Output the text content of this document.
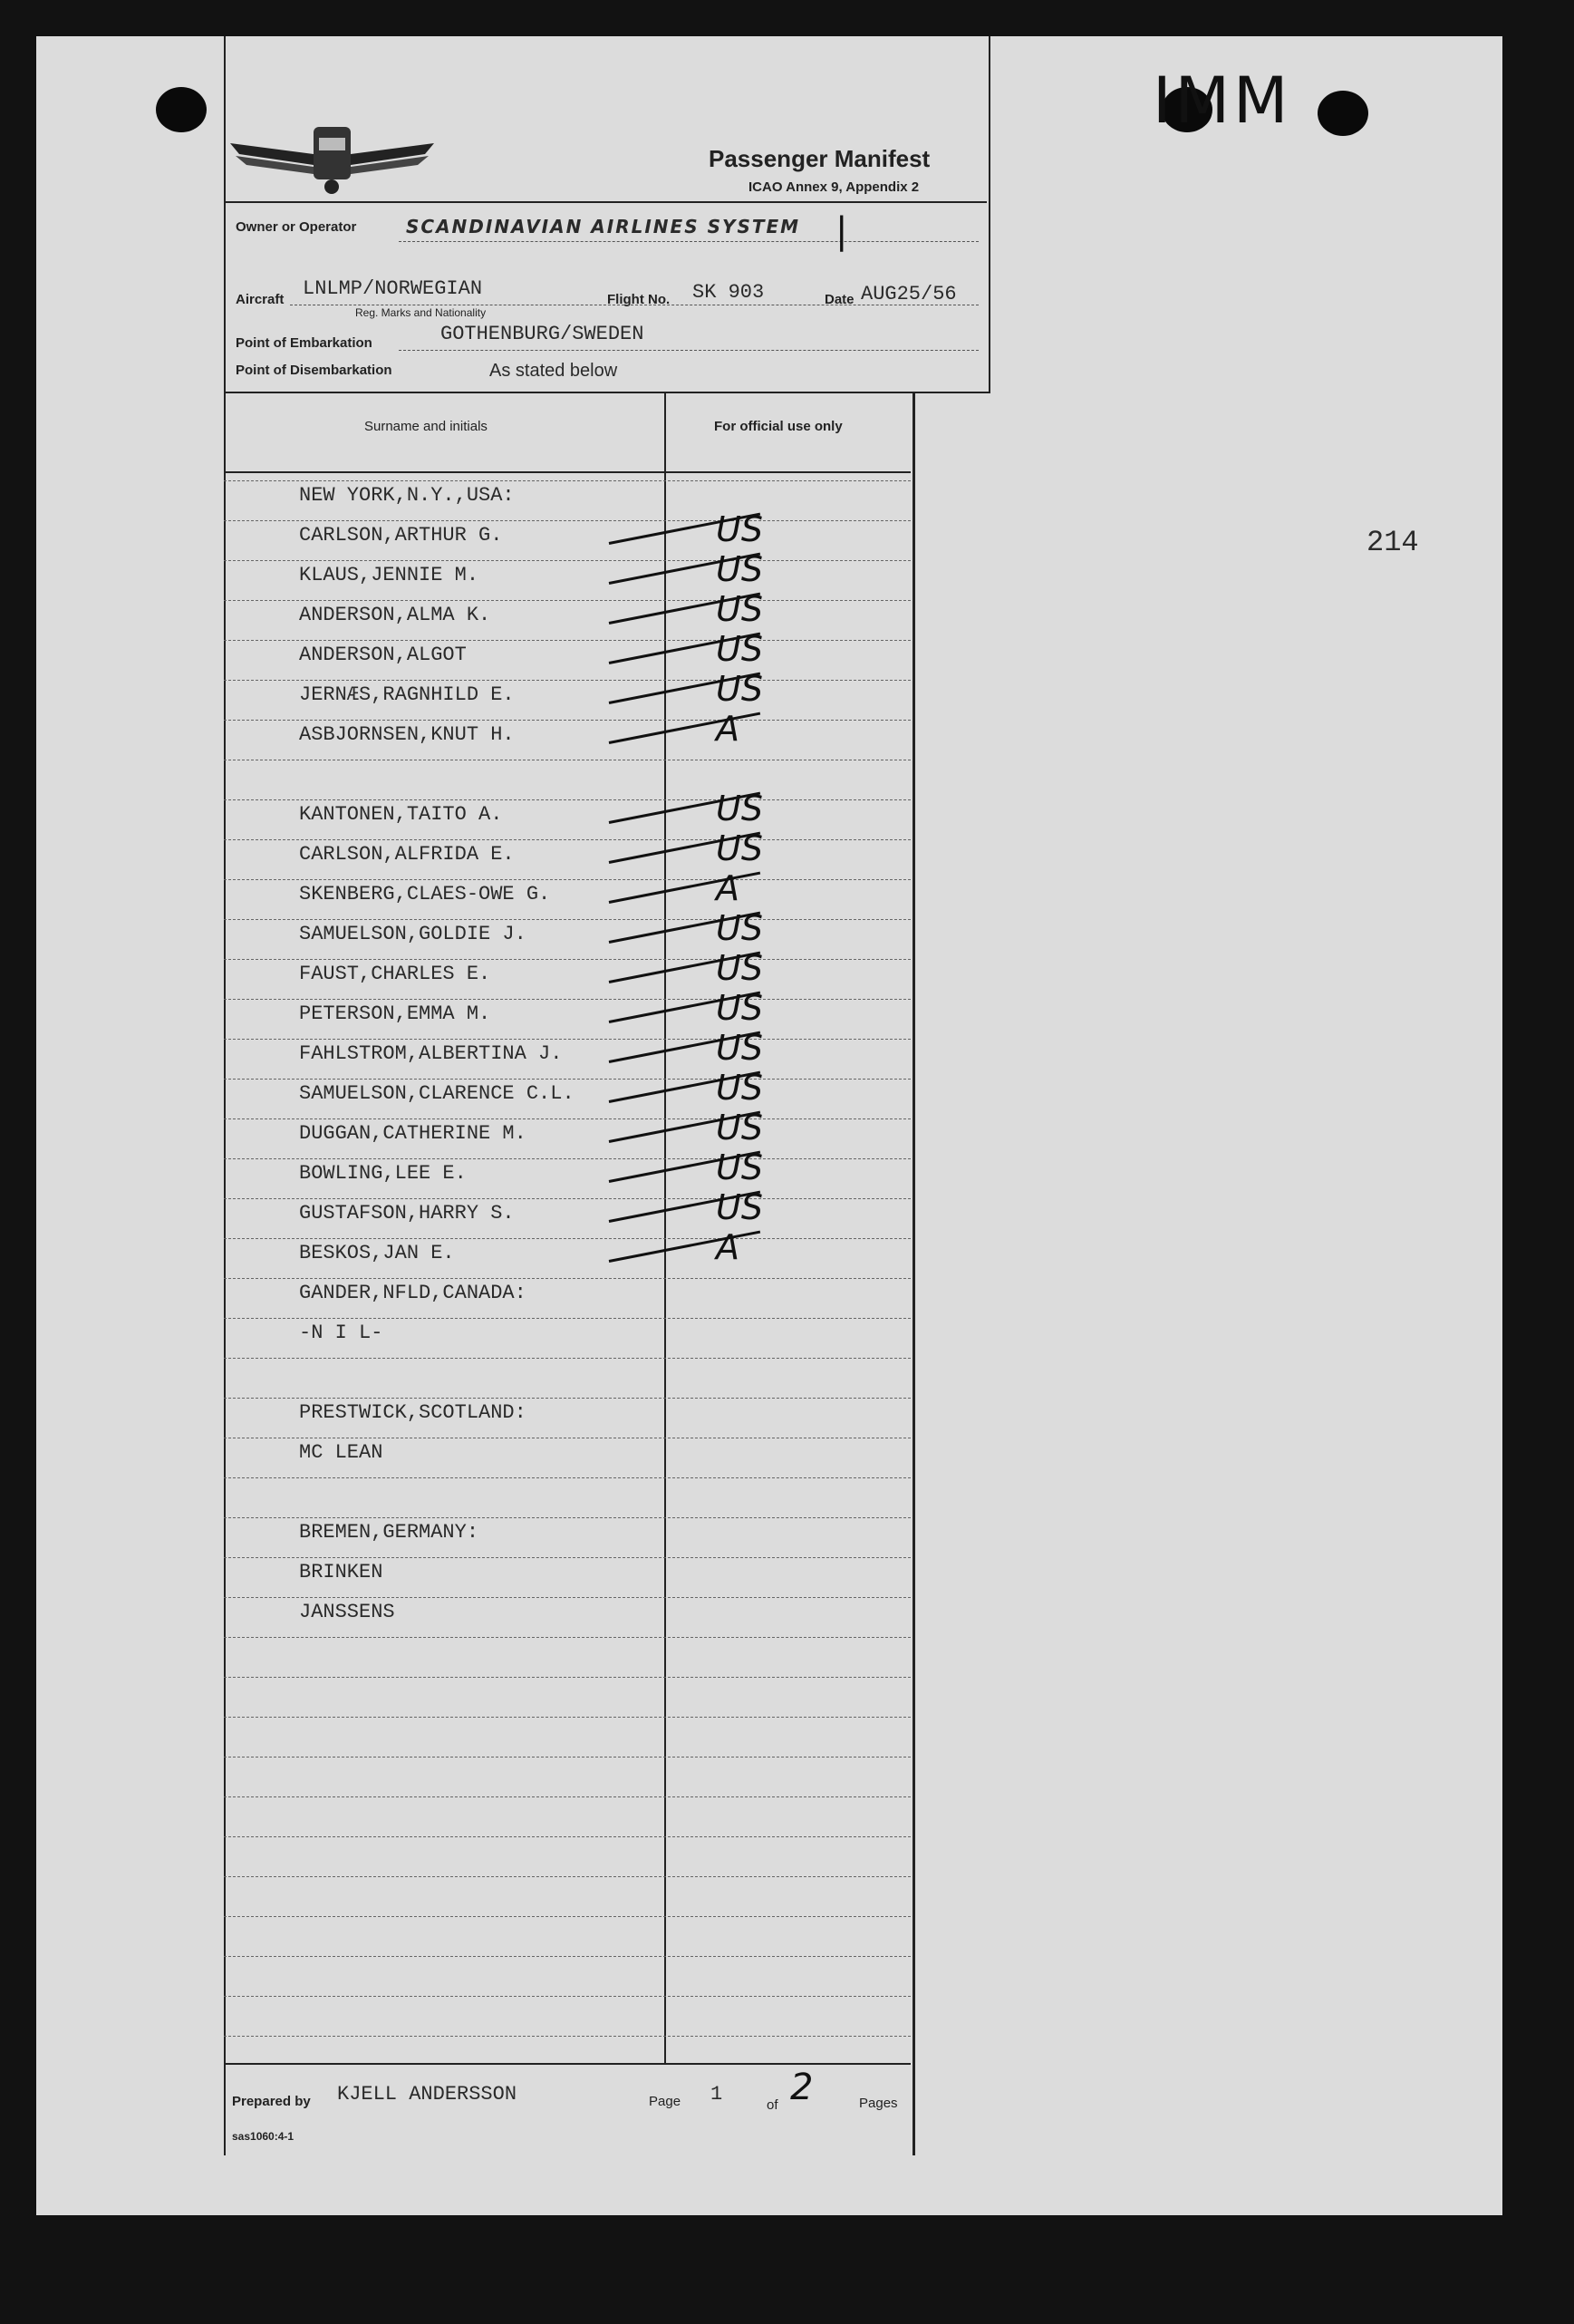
Passenger Manifest
ICAO Annex 9, Appendix 2
Owner or Operator	SCANDINAVIAN AIRLINES SYSTEM |
Aircraft LNLMP/NORWEGIAN
Reg. Marks and Nationality
Flight No. SK 903	Date AUG25/56
Point of Embarkation	GOTHENBURG/SWEDEN
Point of Disembarkation	As stated below
Surname and initials	For official use only
NEW YORK,N.Y.,USA:
CARLSON,ARTHUR G.	US
KLAUS,JENNIE M.	US
ANDERSON,ALMA K.	US
ANDERSON,ALGOT	US
JERNÆS,RAGNHILD E.	US
ASBJORNSEN,KNUT H.	A
KANTONEN,TAITO A.	US
CARLSON,ALFRIDA E.	US
SKENBERG,CLAES-OWE G.	A
SAMUELSON,GOLDIE J.	US
FAUST,CHARLES E.	US
PETERSON,EMMA M.	US
FAHLSTROM,ALBERTINA J.	US
SAMUELSON,CLARENCE C.L.	US
DUGGAN,CATHERINE M.	US
BOWLING,LEE E.	US
GUSTAFSON,HARRY S.	US
BESKOS,JAN E.	A
GANDER,NFLD,CANADA:
-N I L-
PRESTWICK,SCOTLAND:
MC LEAN
BREMEN,GERMANY:
BRINKEN
JANSSENS
Prepared by KJELL ANDERSSON	Page 1	of 2	Pages
sas1060:4-1
IMM
214
